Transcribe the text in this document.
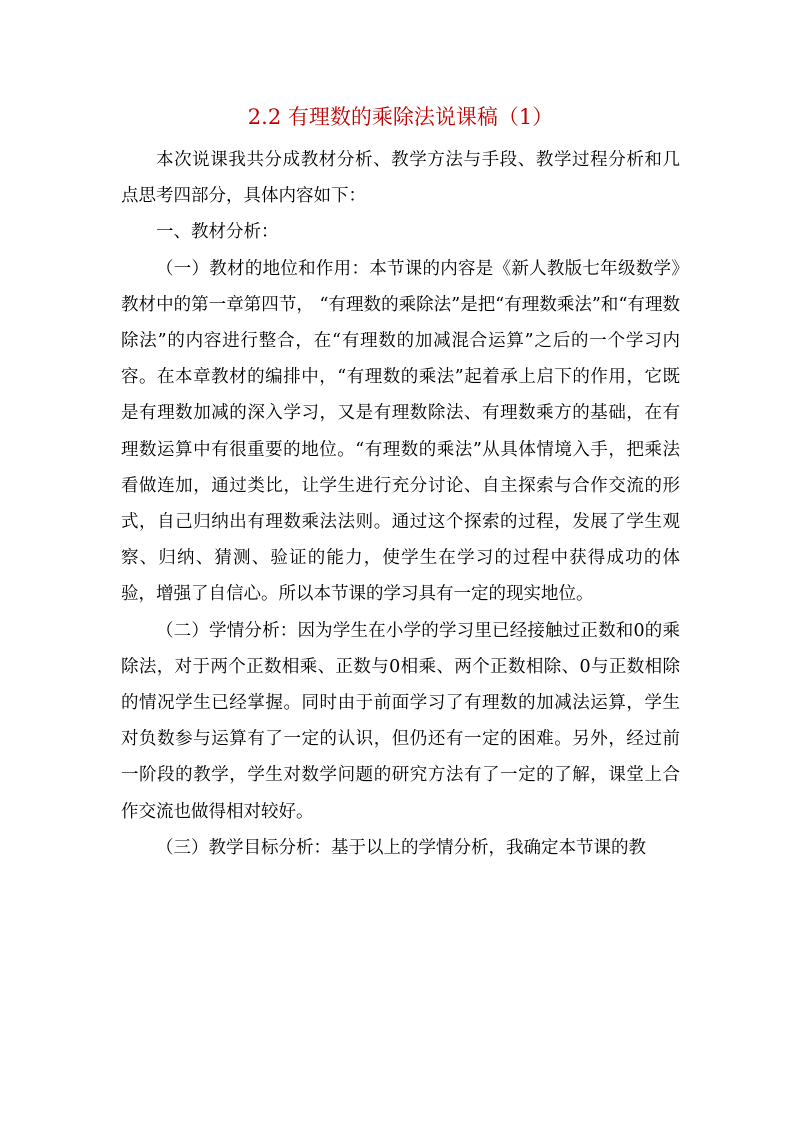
2.2 有理数的乘除法说课稿（1）

本次说课我共分成教材分析、教学方法与手段、教学过程分析和几点思考四部分，具体内容如下：

一、教材分析：

（一）教材的地位和作用：本节课的内容是《新人教版七年级数学》教材中的第一章第四节， “有理数的乘除法”是把“有理数乘法”和“有理数除法”的内容进行整合，在“有理数的加减混合运算”之后的一个学习内容。在本章教材的编排中，“有理数的乘法”起着承上启下的作用，它既是有理数加减的深入学习，又是有理数除法、有理数乘方的基础，在有理数运算中有很重要的地位。“有理数的乘法”从具体情境入手，把乘法看做连加，通过类比，让学生进行充分讨论、自主探索与合作交流的形式，自己归纳出有理数乘法法则。通过这个探索的过程，发展了学生观察、归纳、猜测、验证的能力，使学生在学习的过程中获得成功的体验，增强了自信心。所以本节课的学习具有一定的现实地位。

（二）学情分析：因为学生在小学的学习里已经接触过正数和0的乘除法，对于两个正数相乘、正数与0相乘、两个正数相除、0与正数相除的情况学生已经掌握。同时由于前面学习了有理数的加减法运算，学生对负数参与运算有了一定的认识，但仍还有一定的困难。另外，经过前一阶段的教学，学生对数学问题的研究方法有了一定的了解，课堂上合作交流也做得相对较好。

（三）教学目标分析：基于以上的学情分析，我确定本节课的教
